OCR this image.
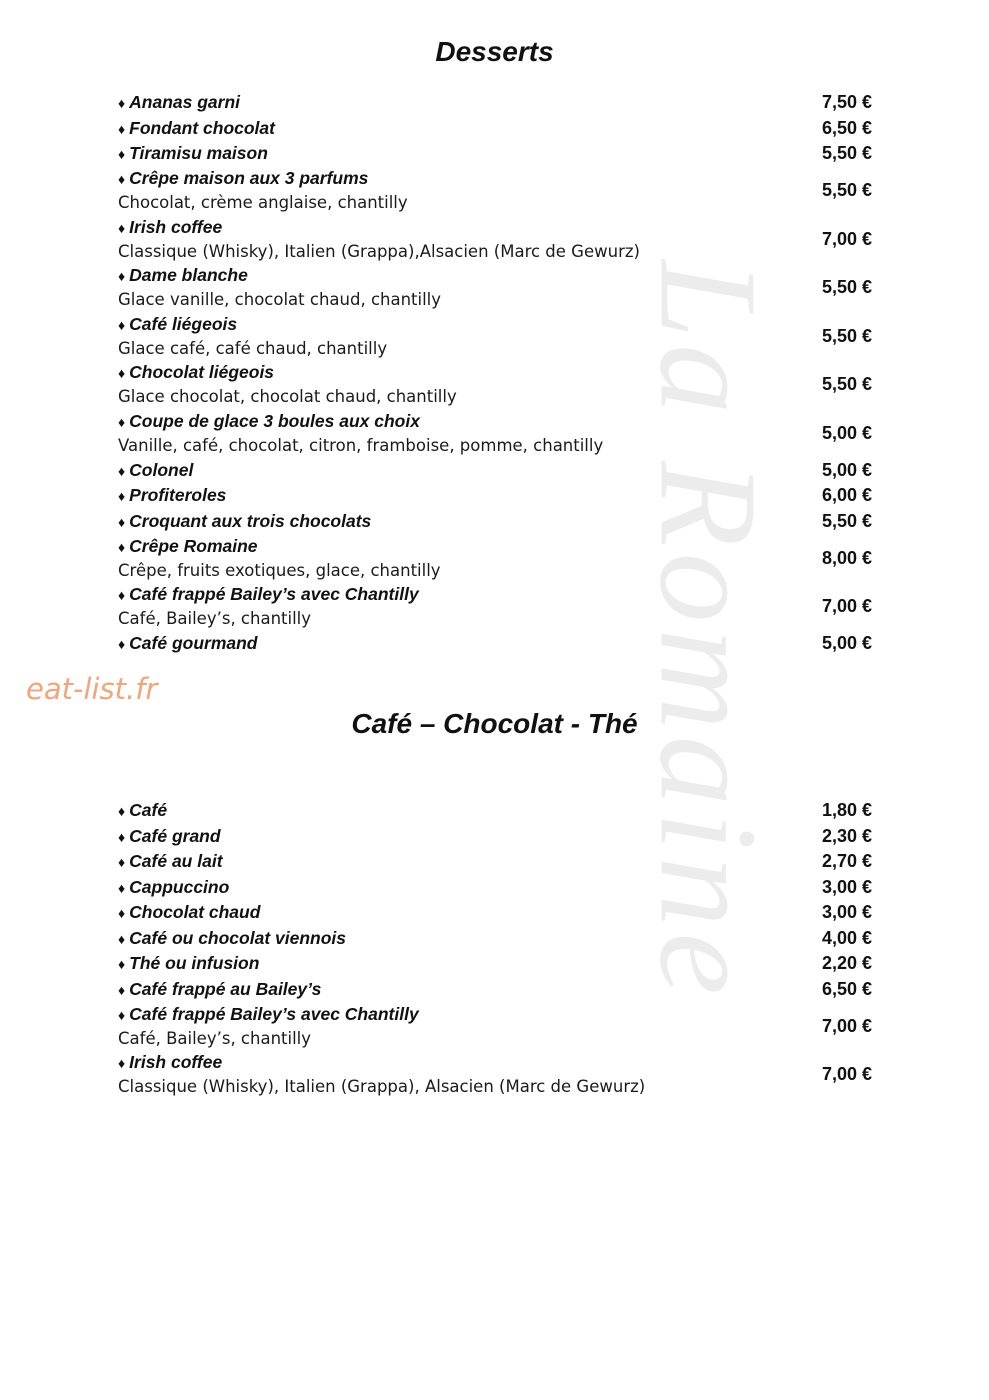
La Romaine
eat-list.fr
Desserts
♦ Ananas garni	7,50 €
♦ Fondant chocolat	6,50 €
♦ Tiramisu maison	5,50 €
♦ Crêpe maison aux 3 parfums
Chocolat, crème anglaise, chantilly
5,50 €
♦ Irish coffee
Classique (Whisky), Italien (Grappa),Alsacien (Marc de Gewurz)
7,00 €
♦ Dame blanche
Glace vanille, chocolat chaud, chantilly
5,50 €
♦ Café liégeois
Glace café, café chaud, chantilly
5,50 €
♦ Chocolat liégeois
Glace chocolat, chocolat chaud, chantilly
5,50 €
♦ Coupe de glace 3 boules aux choix
Vanille, café, chocolat, citron, framboise, pomme, chantilly
5,00 €
♦ Colonel	5,00 €
♦ Profiteroles	6,00 €
♦ Croquant aux trois chocolats	5,50 €
♦ Crêpe Romaine
Crêpe, fruits exotiques, glace, chantilly
8,00 €
♦ Café frappé Bailey’s avec Chantilly
Café, Bailey’s, chantilly
7,00 €
♦ Café gourmand	5,00 €
Café – Chocolat - Thé
♦ Café	1,80 €
♦ Café grand	2,30 €
♦ Café au lait	2,70 €
♦ Cappuccino	3,00 €
♦ Chocolat chaud	3,00 €
♦ Café ou chocolat viennois	4,00 €
♦ Thé ou infusion	2,20 €
♦ Café frappé au Bailey’s	6,50 €
♦ Café frappé Bailey’s avec Chantilly
Café, Bailey’s, chantilly
7,00 €
♦ Irish coffee
Classique (Whisky), Italien (Grappa), Alsacien (Marc de Gewurz)
7,00 €
